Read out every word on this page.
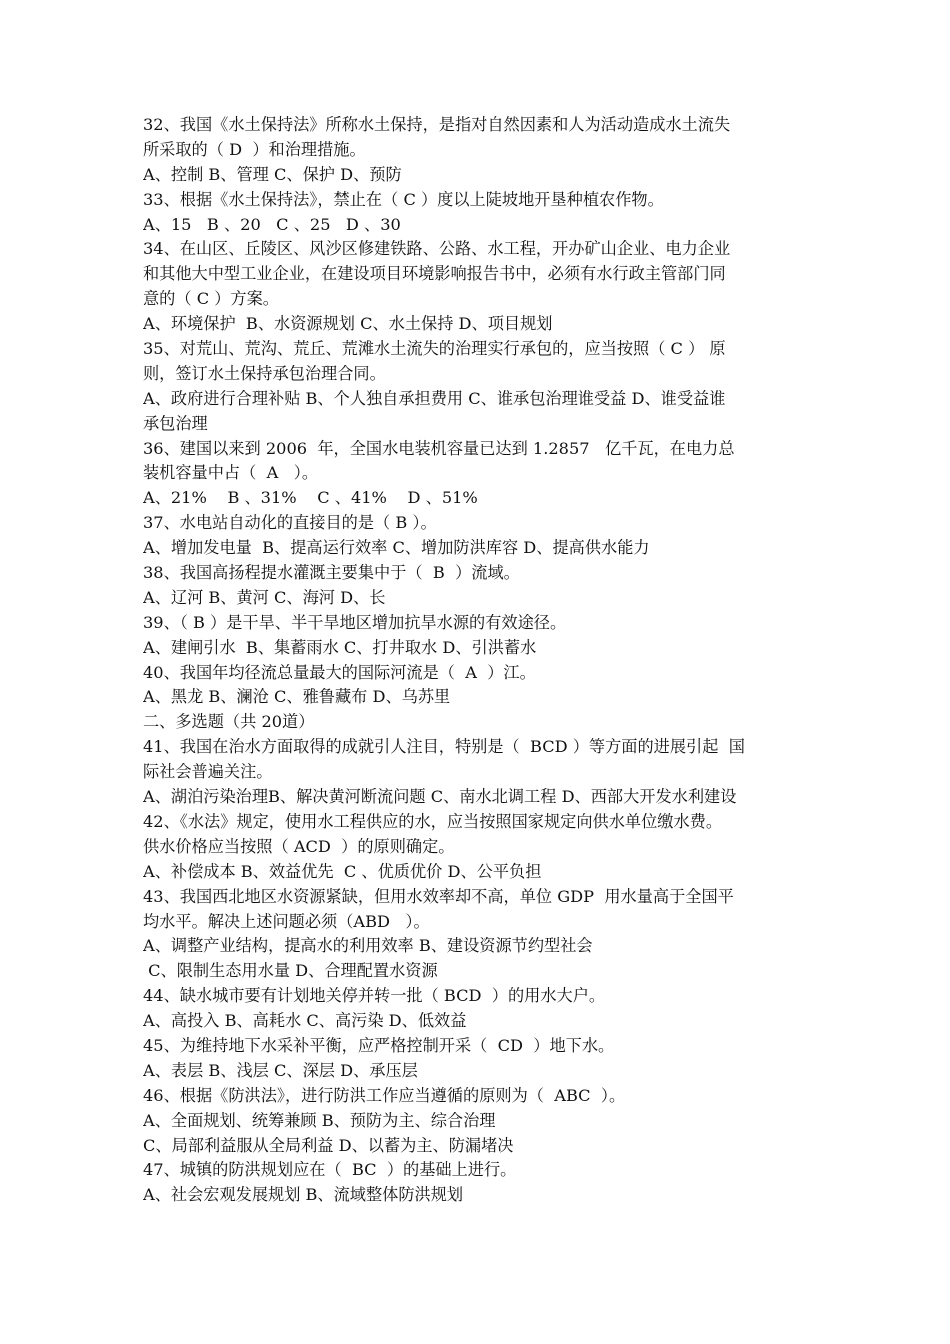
32、我国《水土保持法》所称水土保持，是指对自然因素和人为活动造成水土流失
所采取的（ D  ）和治理措施。
A、控制 B、管理 C、保护 D、预防
33、根据《水土保持法》，禁止在（ C ）度以上陡坡地开垦种植农作物。
A、15   B 、20   C 、25   D 、30
34、在山区、丘陵区、风沙区修建铁路、公路、水工程，开办矿山企业、电力企业
和其他大中型工业企业，在建设项目环境影响报告书中，必须有水行政主管部门同
意的（ C ）方案。
A、环境保护  B、水资源规划 C、水土保持 D、项目规划
35、对荒山、荒沟、荒丘、荒滩水土流失的治理实行承包的，应当按照（ C ） 原
则，签订水土保持承包治理合同。
A、政府进行合理补贴 B、个人独自承担费用 C、谁承包治理谁受益 D、谁受益谁
承包治理
36、建国以来到 2006  年，全国水电装机容量已达到 1.2857   亿千瓦，在电力总
装机容量中占（  A   ）。
A、21%    B 、31%    C 、41%    D 、51%
37、水电站自动化的直接目的是（ B ）。
A、增加发电量  B、提高运行效率 C、增加防洪库容 D、提高供水能力
38、我国高扬程提水灌溉主要集中于（  B  ）流域。
A、辽河 B、黄河 C、海河 D、长
39、（ B ）是干旱、半干旱地区增加抗旱水源的有效途径。
A、建闸引水  B、集蓄雨水 C、打井取水 D、引洪蓄水
40、我国年均径流总量最大的国际河流是（  A  ）江。
A、黑龙 B、澜沧 C、雅鲁藏布 D、乌苏里
二、多选题（共 20道）
41、我国在治水方面取得的成就引人注目，特别是（  BCD ）等方面的进展引起  国
际社会普遍关注。
A、湖泊污染治理B、解决黄河断流问题 C、南水北调工程 D、西部大开发水利建设
42、《水法》规定，使用水工程供应的水，应当按照国家规定向供水单位缴水费。
供水价格应当按照（ ACD  ）的原则确定。
A、补偿成本 B、效益优先  C 、优质优价 D、公平负担
43、我国西北地区水资源紧缺，但用水效率却不高，单位 GDP  用水量高于全国平
均水平。解决上述问题必须（ABD   ）。
A、调整产业结构，提高水的利用效率 B、建设资源节约型社会
C、限制生态用水量 D、合理配置水资源
44、缺水城市要有计划地关停并转一批（ BCD  ）的用水大户。
A、高投入 B、高耗水 C、高污染 D、低效益
45、为维持地下水采补平衡，应严格控制开采（  CD  ）地下水。
A、表层 B、浅层 C、深层 D、承压层
46、根据《防洪法》，进行防洪工作应当遵循的原则为（  ABC  ）。
A、全面规划、统筹兼顾 B、预防为主、综合治理
C、局部利益服从全局利益 D、以蓄为主、防漏堵决
47、城镇的防洪规划应在（  BC  ）的基础上进行。
A、社会宏观发展规划 B、流域整体防洪规划
